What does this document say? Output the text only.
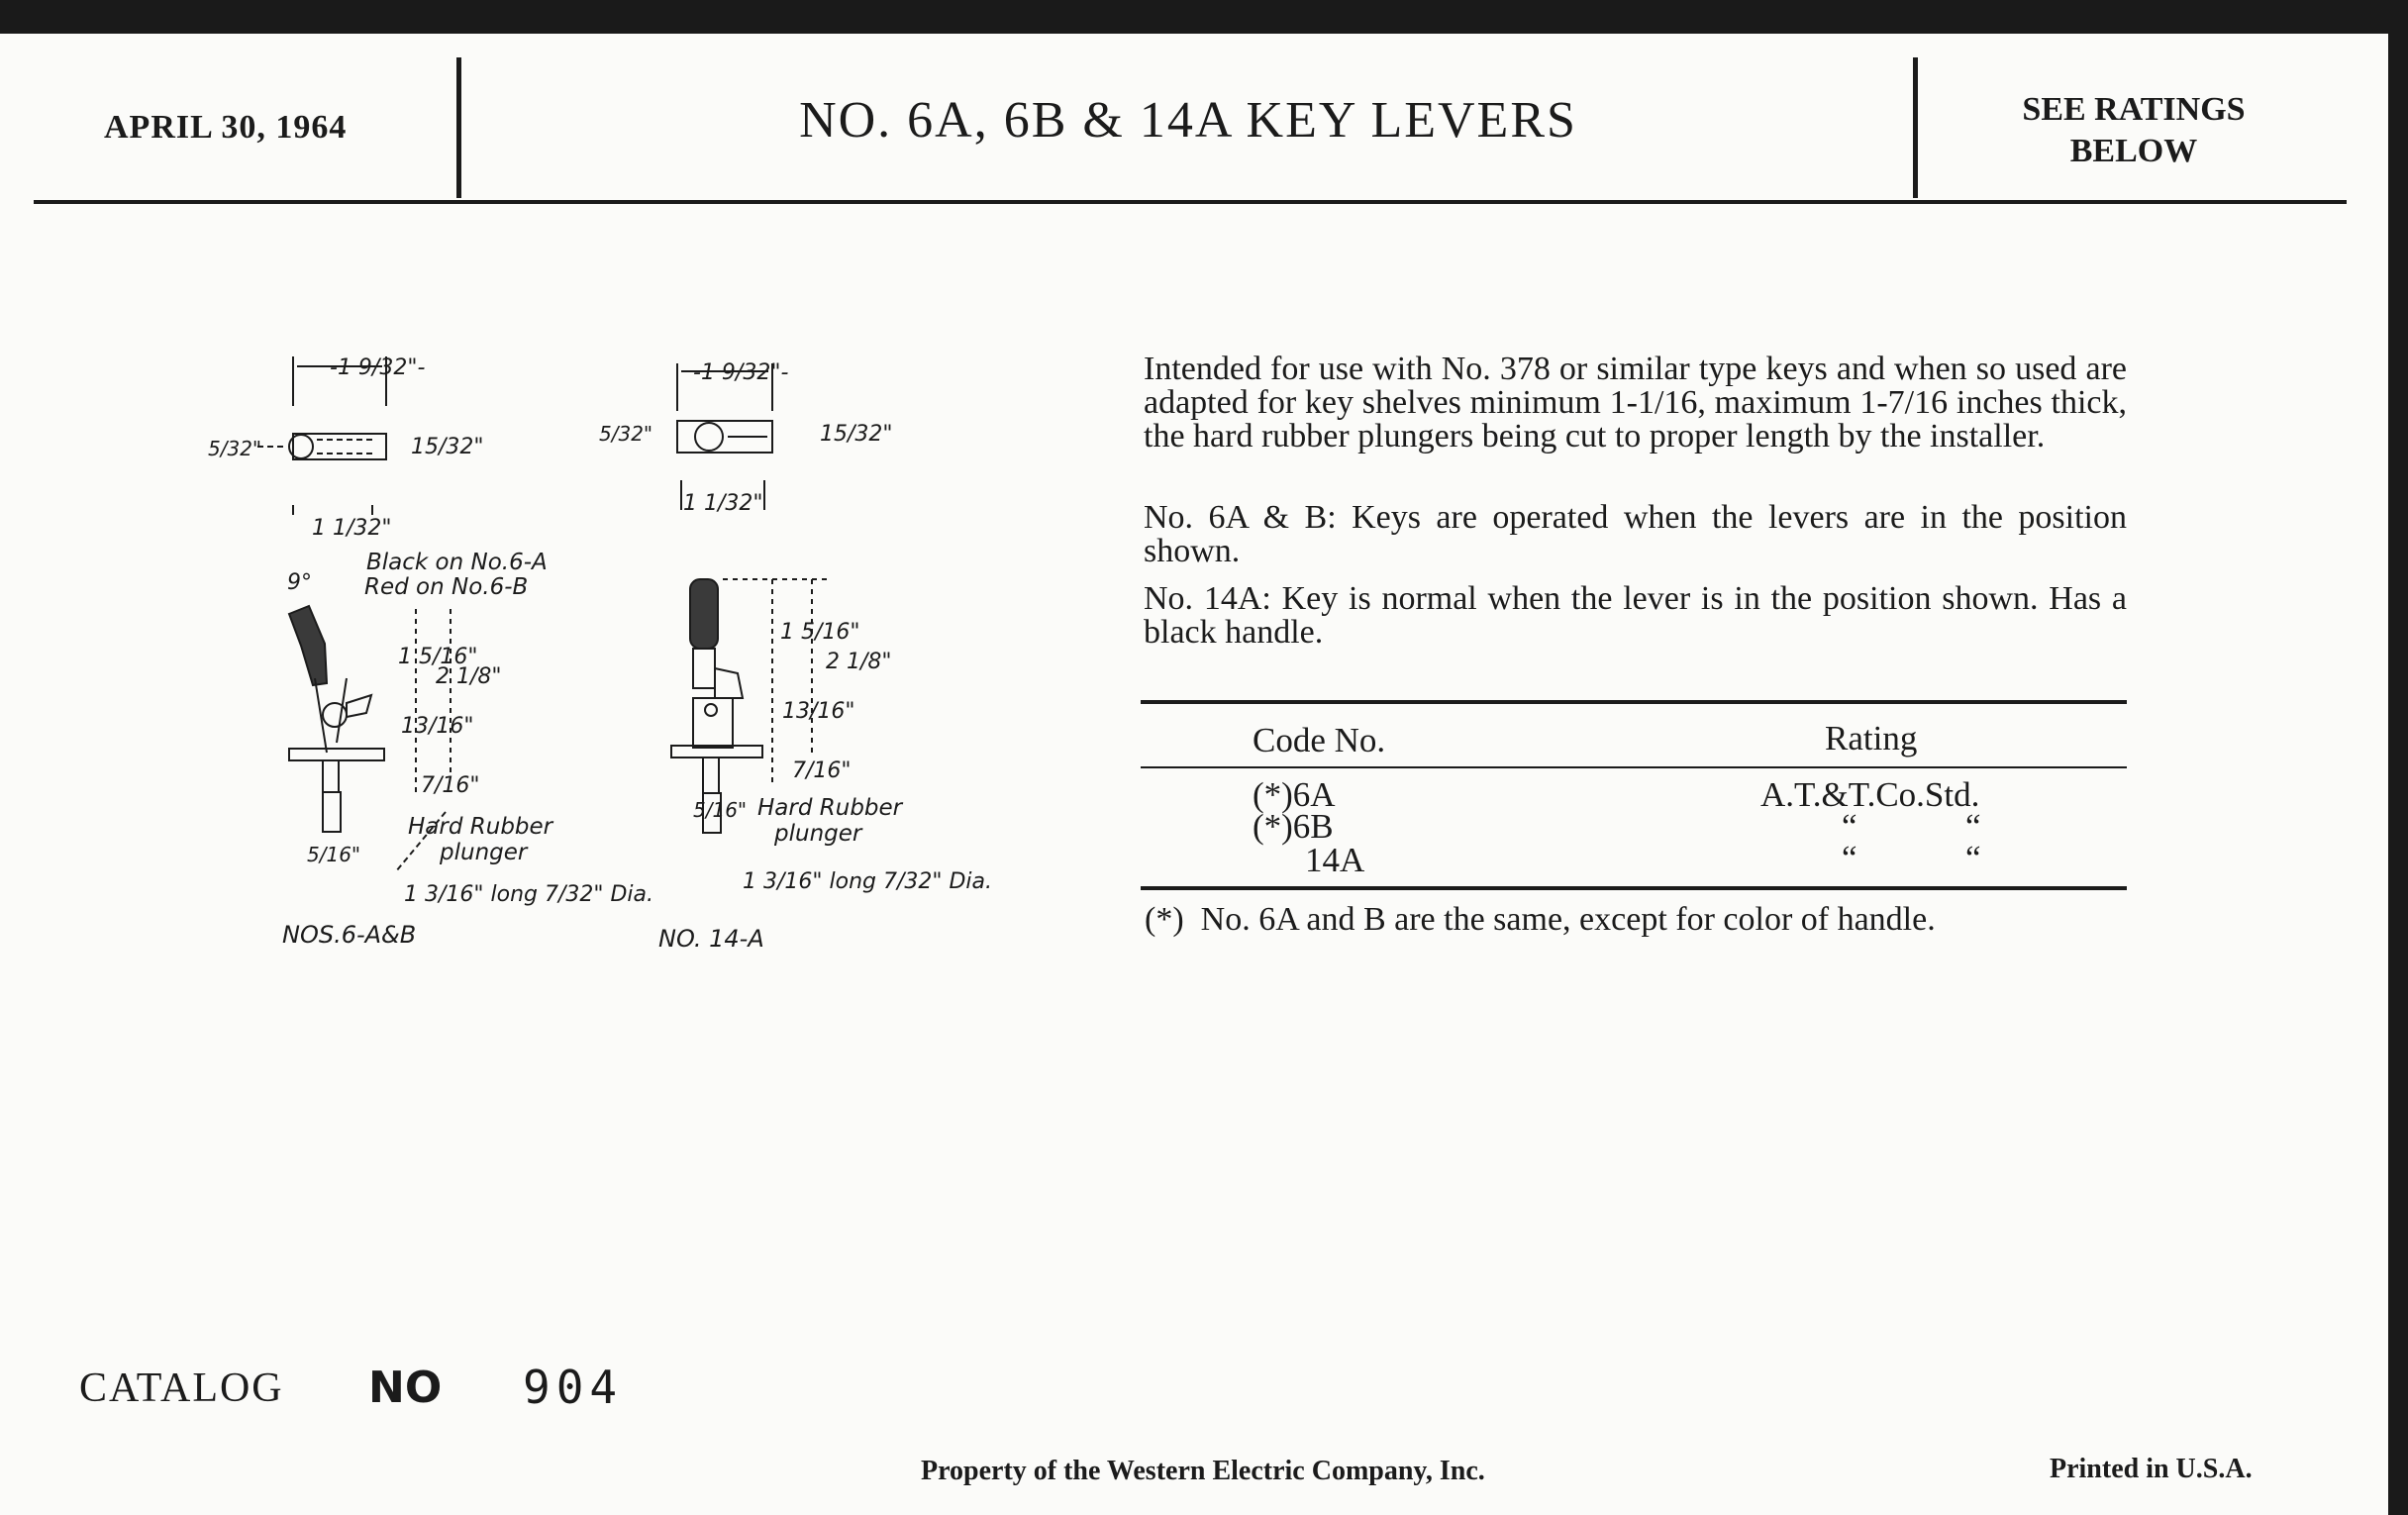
APRIL 30, 1964	NO. 6A, 6B & 14A KEY LEVERS	SEE RATINGS
BELOW
-1 9/32"-
15/32"
5/32"
1 1/32"
9°
Black on No.6-A
Red on No.6-B
1 5/16"
2 1/8"
13/16"
7/16"
5/16"
Hard Rubber
plunger
1 3/16" long 7/32" Dia.
NOS.6-A&B
-1 9/32"-
15/32"
5/32"
1 1/32"
1 5/16"
2 1/8"
13/16"
7/16"
5/16" Hard Rubber
plunger
1 3/16" long 7/32" Dia.
NO. 14-A
Intended for use with No. 378 or similar type keys and when so used are adapted for key shelves minimum 1-1/16, maximum 1-7/16 inches thick, the hard rubber plungers being cut to proper length by the installer.
No. 6A & B: Keys are operated when the levers are in the position shown.
No. 14A: Key is normal when the lever is in the position shown. Has a black handle.
Code No.	Rating
(*)6A	A.T.&T.Co.Std.
(*)6B	“          “
14A	“          “
(*)  No. 6A and B are the same, except for color of handle.
CATALOG NO 904
Property of the Western Electric Company, Inc.	Printed in U.S.A.
